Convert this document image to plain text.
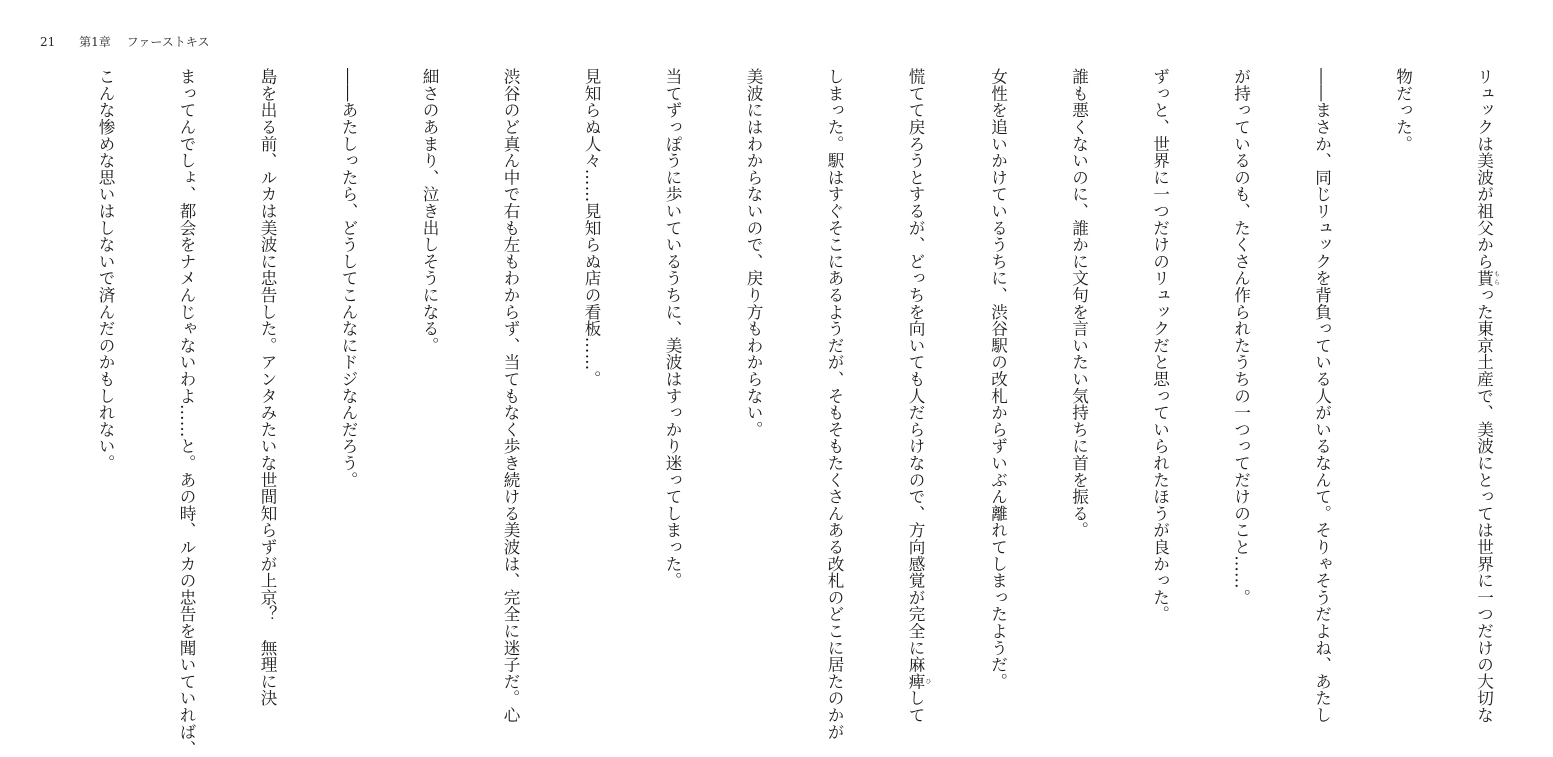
21 第1章 ファーストキス

リュックは美波が祖父から貰 もらった東京土産で、美波にとっては世界に一つだけの大切な

物だった。

――まさか、同じリュックを背負っている人がいるなんて。そりゃそうだよね、あたし

が持っているのも、たくさん作られたうちの一つってだけのこと……。

ずっと、世界に一つだけのリュックだと思っていられたほうが良かった。

誰も悪くないのに、誰かに文句を言いたい気持ちに首を振る。

女性を追いかけているうちに、渋谷駅の改札からずいぶん離れてしまったようだ。

慌てて戻ろうとするが、どっちを向いても人だらけなので、方向感覚が完全に麻痺 ひして

しまった。駅はすぐそこにあるようだが、そもそもたくさんある改札のどこに居たのかが

美波にはわからないので、戻り方もわからない。

当てずっぽうに歩いているうちに、美波はすっかり迷ってしまった。

見知らぬ人々……見知らぬ店の看板……。

渋谷のど真ん中で右も左もわからず、当てもなく歩き続ける美波は、完全に迷子だ。心

細さのあまり、泣き出しそうになる。

――あたしったら、どうしてこんなにドジなんだろう。

島を出る前、ルカは美波に忠告した。アンタみたいな世間知らずが上京？　無理に決

まってんでしょ、都会をナメんじゃないわよ……と。あの時、ルカの忠告を聞いていれば、

こんな惨めな思いはしないで済んだのかもしれない。
